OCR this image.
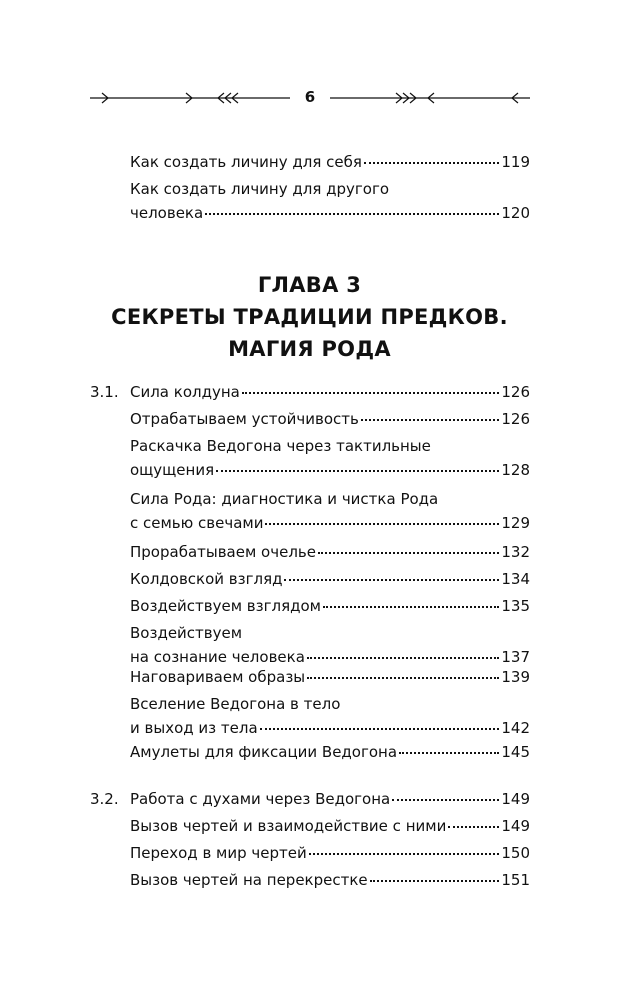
6
Как создать личину для себя	119
Как создать личину для другого
человека	120
ГЛАВА 3
СЕКРЕТЫ ТРАДИЦИИ ПРЕДКОВ.
МАГИЯ РОДА
3.1. Сила колдуна	126
Отрабатываем устойчивость	126
Раскачка Ведогона через тактильные
ощущения	128
Сила Рода: диагностика и чистка Рода
с семью свечами	129
Прорабатываем очелье	132
Колдовской взгляд	134
Воздействуем взглядом	135
Воздействуем
на сознание человека	137
Наговариваем образы	139
Вселение Ведогона в тело
и выход из тела	142
Амулеты для фиксации Ведогона	145
3.2. Работа с духами через Ведогона	149
Вызов чертей и взаимодействие с ними	149
Переход в мир чертей	150
Вызов чертей на перекрестке	151
